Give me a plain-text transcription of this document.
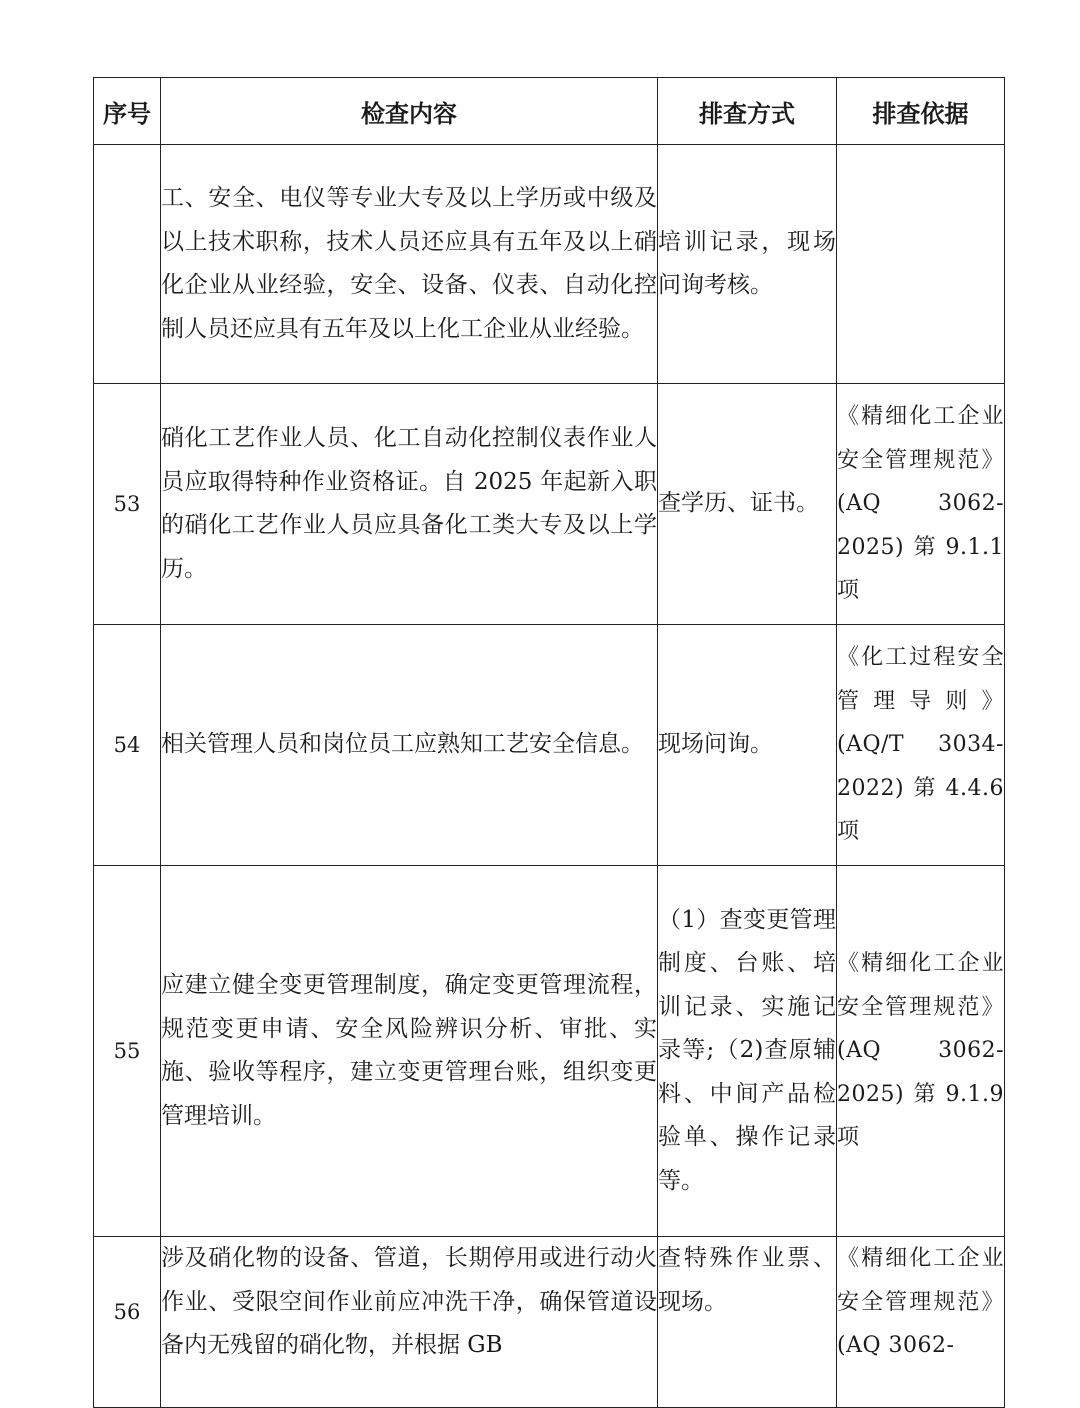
序号	检查内容	排查方式	排查依据
	工、安全、电仪等专业大专及以上学历或中级及以上技术职称，技术人员还应具有五年及以上硝化企业从业经验，安全、设备、仪表、自动化控制人员还应具有五年及以上化工企业从业经验。	培训记录，现场问询考核。	
53	硝化工艺作业人员、化工自动化控制仪表作业人员应取得特种作业资格证。自 2025 年起新入职的硝化工艺作业人员应具备化工类大专及以上学历。	查学历、证书。	《精细化工企业安全管理规范》(AQ 3062-2025)第9.1.1项
54	相关管理人员和岗位员工应熟知工艺安全信息。	现场问询。	《化工过程安全管理导则》(AQ/T 3034-2022)第4.4.6项
55	应建立健全变更管理制度，确定变更管理流程，规范变更申请、安全风险辨识分析、审批、实施、验收等程序，建立变更管理台账，组织变更管理培训。	（1）查变更管理制度、台账、培训记录、实施记录等;（2)查原辅料、中间产品检验单、操作记录等。	《精细化工企业安全管理规范》(AQ 3062-2025)第9.1.9项
56	涉及硝化物的设备、管道，长期停用或进行动火作业、受限空间作业前应冲洗干净，确保管道设备内无残留的硝化物，并根据 GB	查特殊作业票、现场。	《精细化工企业安全管理规范》(AQ 3062-
